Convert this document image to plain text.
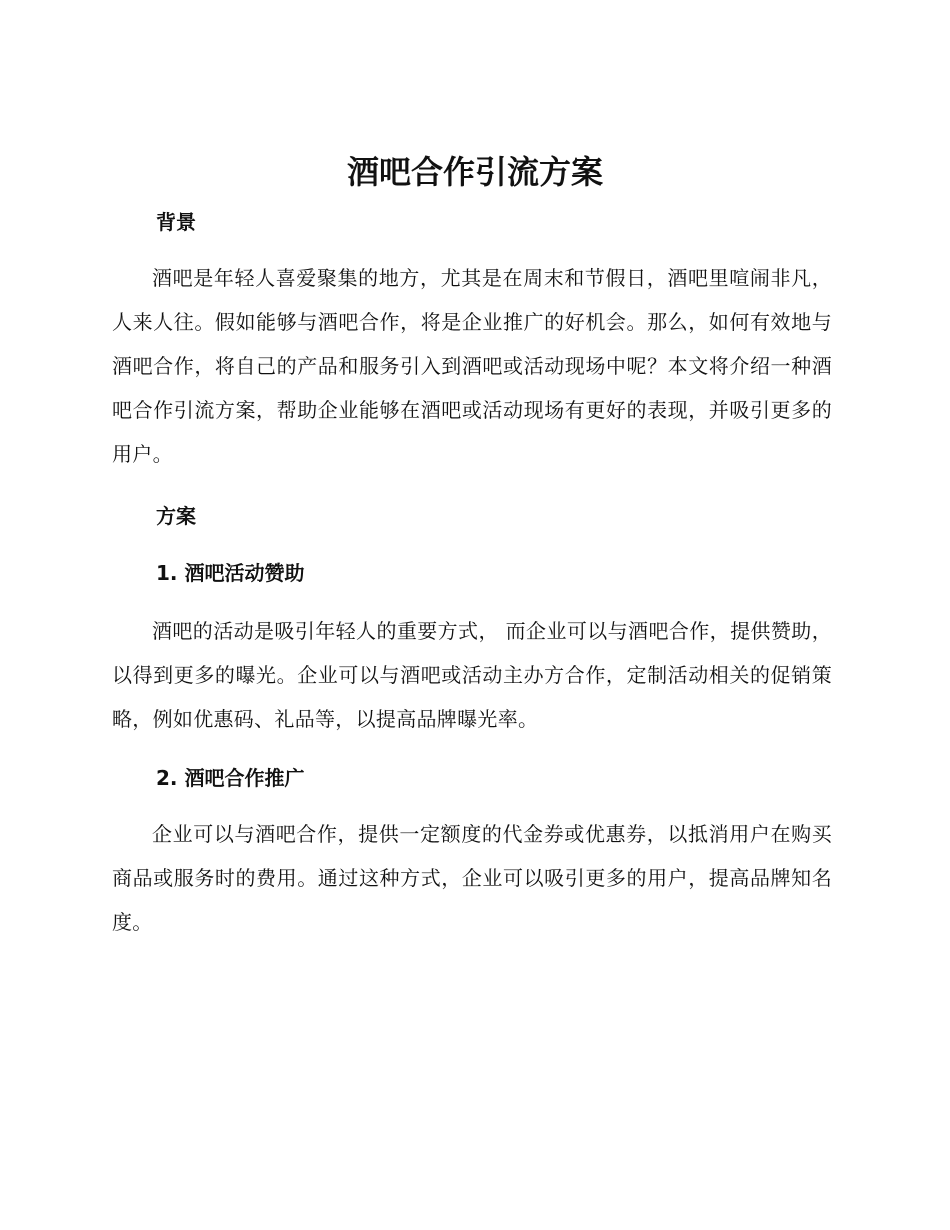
酒吧合作引流方案
背景

酒吧是年轻人喜爱聚集的地方，尤其是在周末和节假日，酒吧里喧闹非凡，人来人往。假如能够与酒吧合作，将是企业推广的好机会。那么，如何有效地与酒吧合作，将自己的产品和服务引入到酒吧或活动现场中呢？本文将介绍一种酒吧合作引流方案，帮助企业能够在酒吧或活动现场有更好的表现，并吸引更多的用户。

方案
1. 酒吧活动赞助

酒吧的活动是吸引年轻人的重要方式， 而企业可以与酒吧合作，提供赞助，以得到更多的曝光。企业可以与酒吧或活动主办方合作，定制活动相关的促销策略，例如优惠码、礼品等，以提高品牌曝光率。

2. 酒吧合作推广

企业可以与酒吧合作，提供一定额度的代金券或优惠券，以抵消用户在购买商品或服务时的费用。通过这种方式，企业可以吸引更多的用户，提高品牌知名度。
